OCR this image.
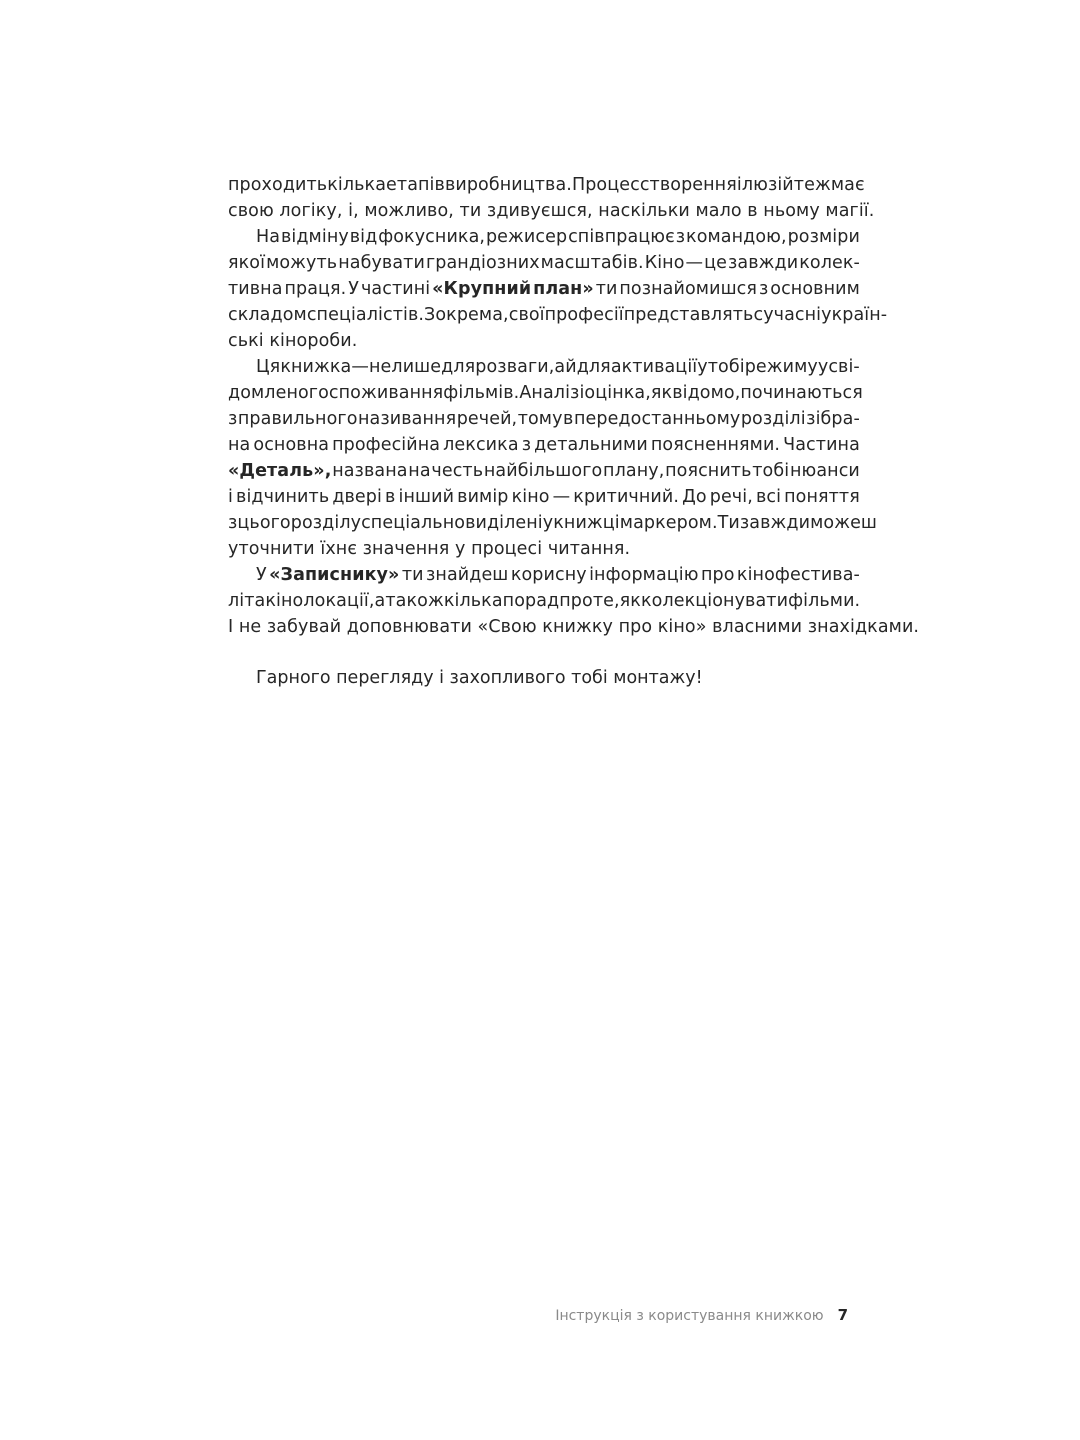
проходить кілька етапів виробництва. Процес створення ілюзій теж має
свою логіку, і, можливо, ти здивуєшся, наскільки мало в ньому магії.
На відміну від фокусника, режисер співпрацює з командою, розміри
якої можуть набувати грандіозних масштабів. Кіно — це завжди колек-
тивна праця. У частині «Крупний план» ти познайомишся з основним
складом спеціалістів. Зокрема, свої професії представлять сучасні україн-
ські кінороби.
Ця книжка — не лише для розваги, а й для активації у тобі режиму усві-
домленого споживання фільмів. Аналіз і оцінка, як відомо, починаються
з правильного називання речей, тому в передостанньому розділі зібра-
на основна професійна лексика з детальними поясненнями. Частина
«Деталь», названа на честь найбільшого плану, пояснить тобі нюанси
і відчинить двері в інший вимір кіно — критичний. До речі, всі поняття
з цього розділу спеціально виділені у книжці маркером. Ти завжди можеш
уточнити їхнє значення у процесі читання.
У «Записнику» ти знайдеш корисну інформацію про кінофестива-
лі та кінолокації, а також кілька порад про те, як колекціонувати фільми.
І не забувай доповнювати «Свою книжку про кіно» власними знахідками.
Гарного перегляду і захопливого тобі монтажу!
Інструкція з користування книжкою 7
